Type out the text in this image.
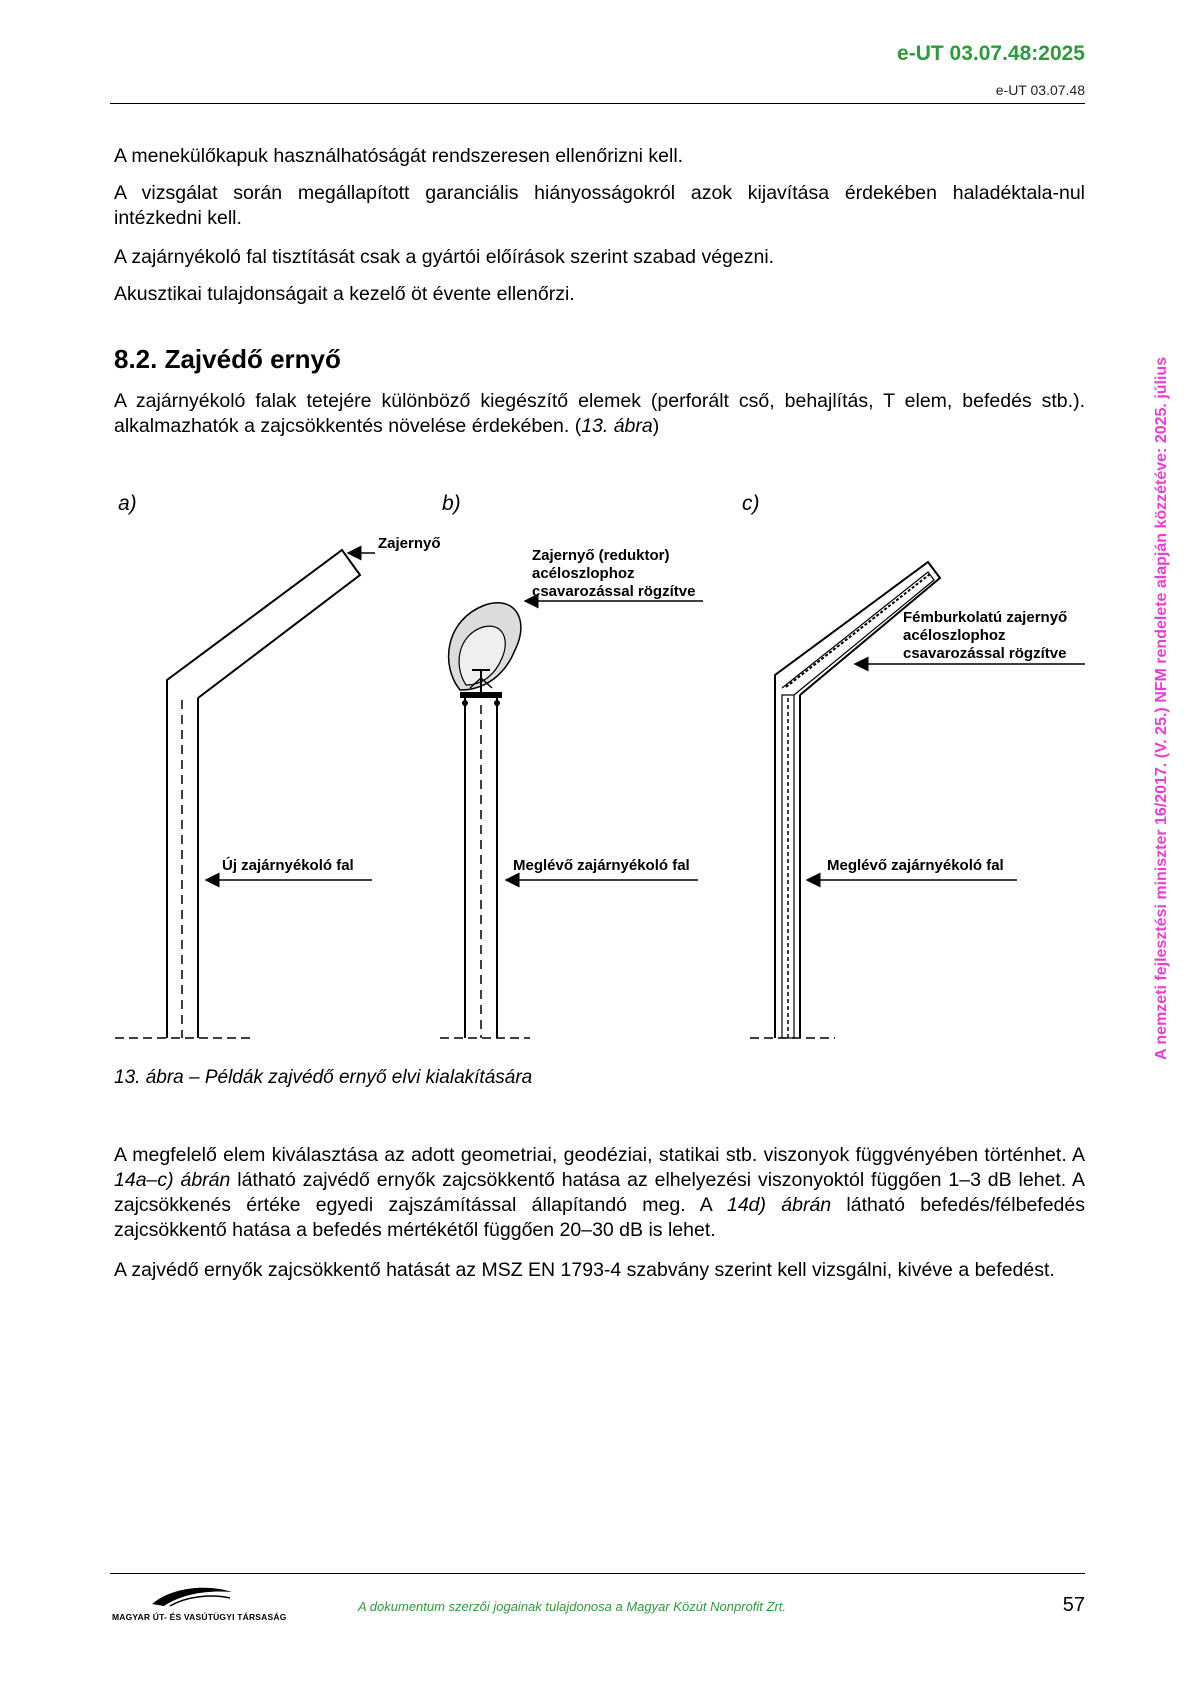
e-UT 03.07.48:2025
e-UT 03.07.48
A nemzeti fejlesztési miniszter 16/2017. (V. 25.) NFM rendelete alapján közzétéve: 2025. július
A menekülőkapuk használhatóságát rendszeresen ellenőrizni kell.
A vizsgálat során megállapított garanciális hiányosságokról azok kijavítása érdekében haladéktala-nul intézkedni kell.
A zajárnyékoló fal tisztítását csak a gyártói előírások szerint szabad végezni.
Akusztikai tulajdonságait a kezelő öt évente ellenőrzi.
8.2. Zajvédő ernyő
A zajárnyékoló falak tetejére különböző kiegészítő elemek (perforált cső, behajlítás, T elem, befedés stb.). alkalmazhatók a zajcsökkentés növelése érdekében. (13. ábra)
a)
Zajernyő
Új zajárnyékoló fal
b)
Zajernyő (reduktor)
acéloszlophoz
csavarozással rögzítve
Meglévő zajárnyékoló fal
c)
Fémburkolatú zajernyő
acéloszlophoz
csavarozással rögzítve
Meglévő zajárnyékoló fal
13. ábra – Példák zajvédő ernyő elvi kialakítására
A megfelelő elem kiválasztása az adott geometriai, geodéziai, statikai stb. viszonyok függvényében történhet. A 14a–c) ábrán látható zajvédő ernyők zajcsökkentő hatása az elhelyezési viszonyoktól függően 1–3 dB lehet. A zajcsökkenés értéke egyedi zajszámítással állapítandó meg. A 14d) ábrán látható befedés/félbefedés zajcsökkentő hatása a befedés mértékétől függően 20–30 dB is lehet.
A zajvédő ernyők zajcsökkentő hatását az MSZ EN 1793-4 szabvány szerint kell vizsgálni, kivéve a befedést.
MAGYAR ÚT- ÉS VASÚTÜGYI TÁRSASÁG
A dokumentum szerzői jogainak tulajdonosa a Magyar Közút Nonprofit Zrt.	57
